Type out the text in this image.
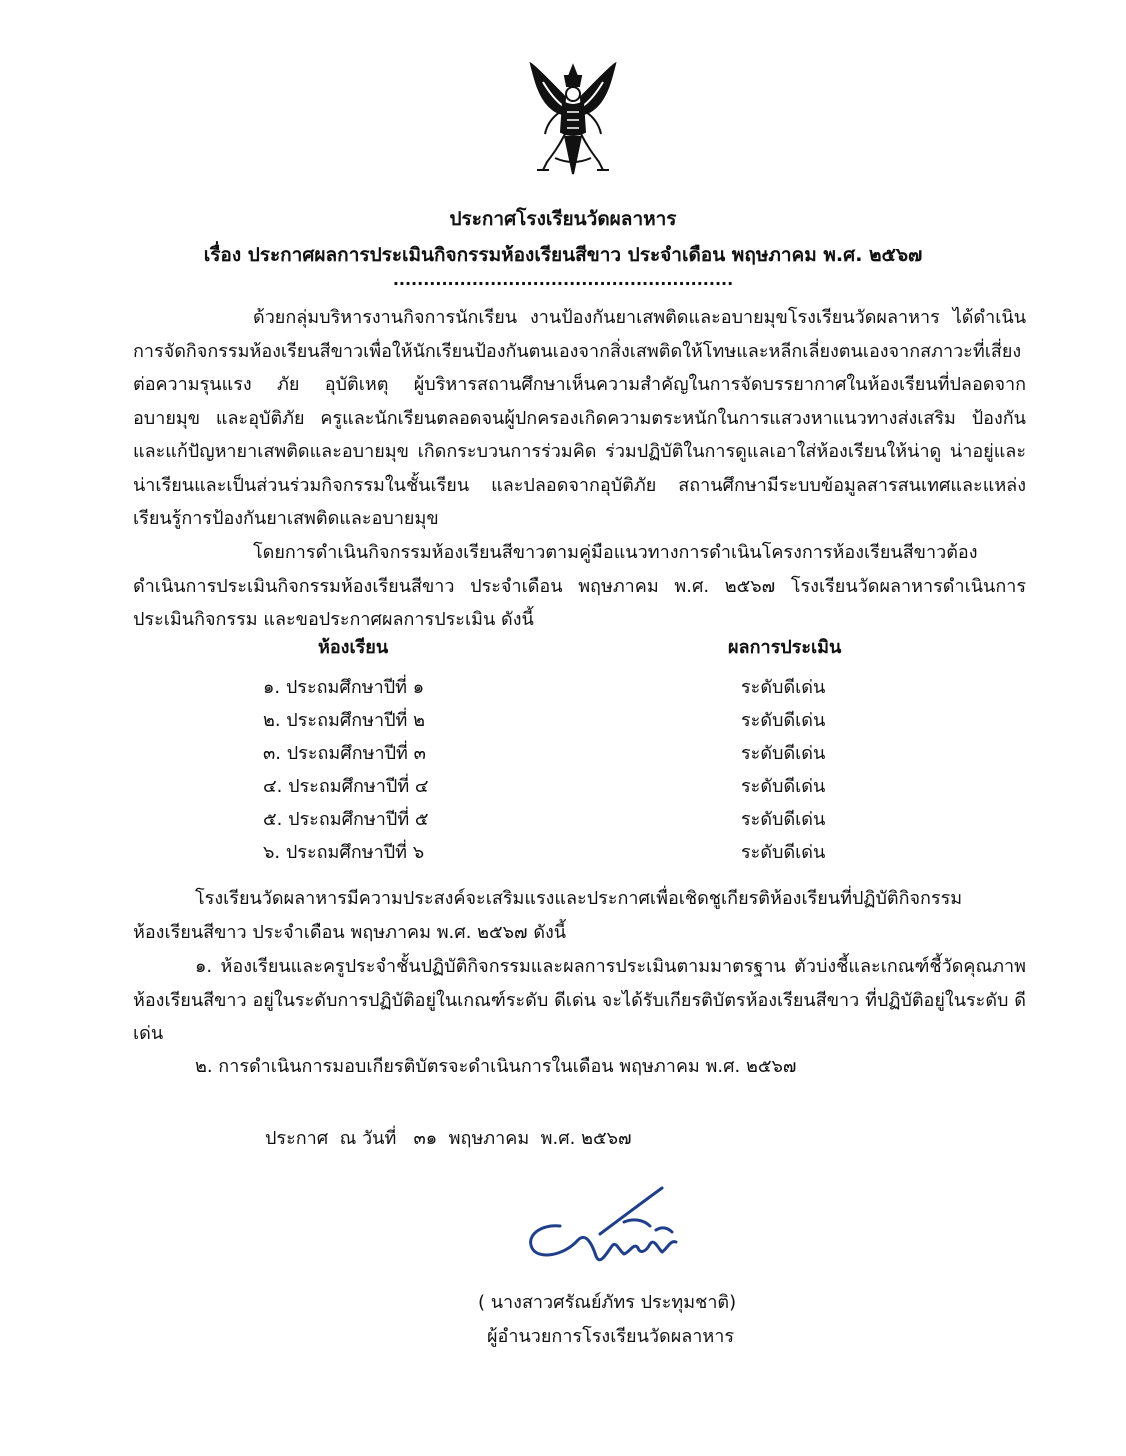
ประกาศโรงเรียนวัดผลาหาร
เรื่อง ประกาศผลการประเมินกิจกรรมห้องเรียนสีขาว ประจำเดือน พฤษภาคม พ.ศ. ๒๕๖๗
........................................................

ด้วยกลุ่มบริหารงานกิจการนักเรียน งานป้องกันยาเสพติดและอบายมุขโรงเรียนวัดผลาหาร ได้ดำเนินการจัดกิจกรรมห้องเรียนสีขาวเพื่อให้นักเรียนป้องกันตนเองจากสิ่งเสพติดให้โทษและหลีกเลี่ยงตนเองจากสภาวะที่เสี่ยงต่อความรุนแรง ภัย อุบัติเหตุ ผู้บริหารสถานศึกษาเห็นความสำคัญในการจัดบรรยากาศในห้องเรียนที่ปลอดจากอบายมุข และอุบัติภัย ครูและนักเรียนตลอดจนผู้ปกครองเกิดความตระหนักในการแสวงหาแนวทางส่งเสริม ป้องกันและแก้ปัญหายาเสพติดและอบายมุข เกิดกระบวนการร่วมคิด ร่วมปฏิบัติในการดูแลเอาใส่ห้องเรียนให้น่าดู น่าอยู่และน่าเรียนและเป็นส่วนร่วมกิจกรรมในชั้นเรียน และปลอดจากอุบัติภัย สถานศึกษามีระบบข้อมูลสารสนเทศและแหล่งเรียนรู้การป้องกันยาเสพติดและอบายมุข

โดยการดำเนินกิจกรรมห้องเรียนสีขาวตามคู่มือแนวทางการดำเนินโครงการห้องเรียนสีขาวต้องดำเนินการประเมินกิจกรรมห้องเรียนสีขาว ประจำเดือน พฤษภาคม พ.ศ. ๒๕๖๗ โรงเรียนวัดผลาหารดำเนินการประเมินกิจกรรม และขอประกาศผลการประเมิน ดังนี้

ห้องเรียน	ผลการประเมิน
๑. ประถมศึกษาปีที่ ๑	ระดับดีเด่น
๒. ประถมศึกษาปีที่ ๒	ระดับดีเด่น
๓. ประถมศึกษาปีที่ ๓	ระดับดีเด่น
๔. ประถมศึกษาปีที่ ๔	ระดับดีเด่น
๕. ประถมศึกษาปีที่ ๕	ระดับดีเด่น
๖. ประถมศึกษาปีที่ ๖	ระดับดีเด่น

โรงเรียนวัดผลาหารมีความประสงค์จะเสริมแรงและประกาศเพื่อเชิดชูเกียรติห้องเรียนที่ปฏิบัติกิจกรรมห้องเรียนสีขาว ประจำเดือน พฤษภาคม พ.ศ. ๒๕๖๗ ดังนี้

๑. ห้องเรียนและครูประจำชั้นปฏิบัติกิจกรรมและผลการประเมินตามมาตรฐาน ตัวบ่งชี้และเกณฑ์ชี้วัดคุณภาพห้องเรียนสีขาว อยู่ในระดับการปฏิบัติอยู่ในเกณฑ์ระดับ ดีเด่น จะได้รับเกียรติบัตรห้องเรียนสีขาว ที่ปฏิบัติอยู่ในระดับ ดีเด่น

๒. การดำเนินการมอบเกียรติบัตรจะดำเนินการในเดือน พฤษภาคม พ.ศ. ๒๕๖๗

ประกาศ  ณ วันที่   ๓๑  พฤษภาคม  พ.ศ. ๒๕๖๗
( นางสาวศรัณย์ภัทร ประทุมชาติ)
ผู้อำนวยการโรงเรียนวัดผลาหาร
